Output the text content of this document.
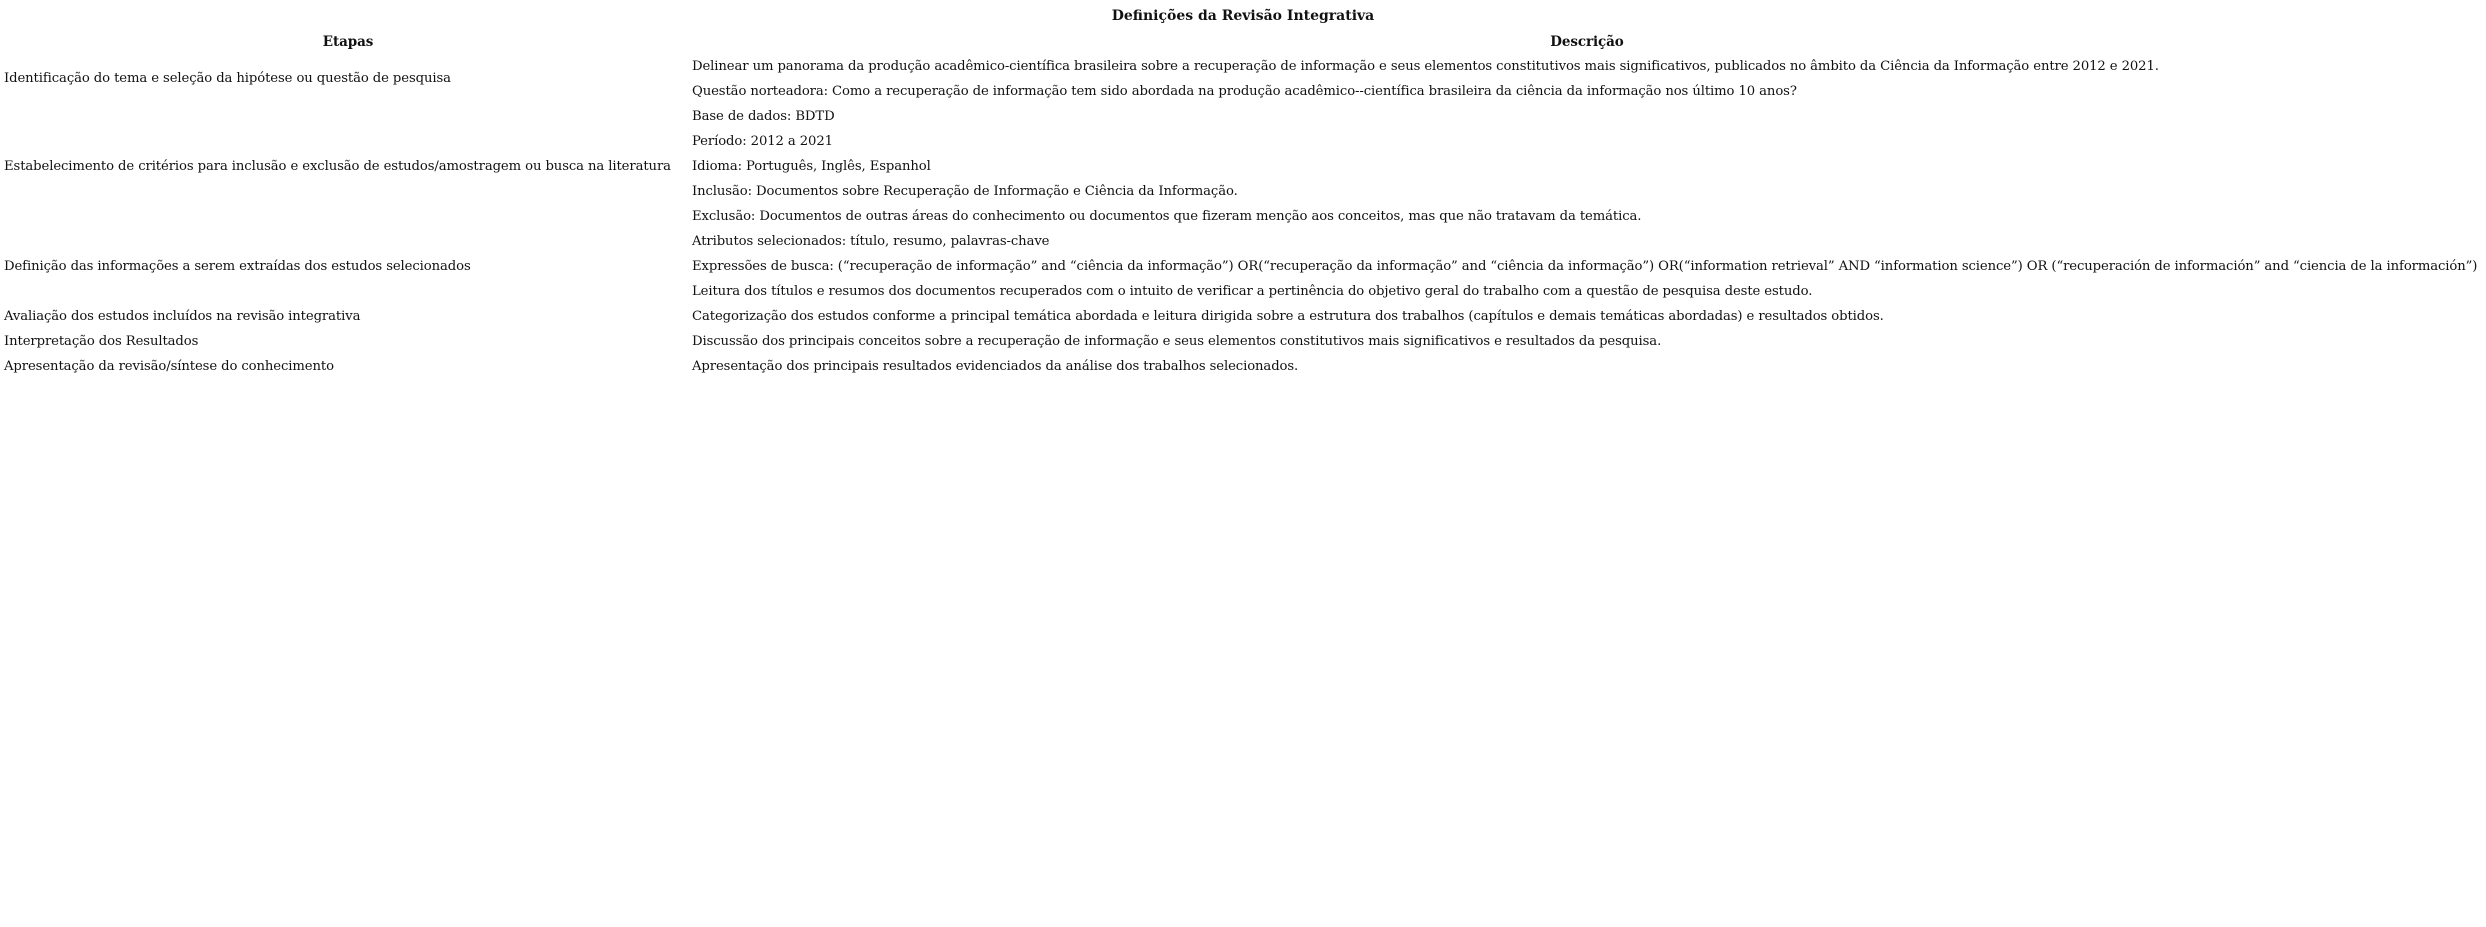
Definições da Revisão Integrativa
Etapas	Descrição
Identificação do tema e seleção da hipótese ou questão de pesquisa	Delinear um panorama da produção acadêmico-científica brasileira sobre a recuperação de informação e seus elementos constitutivos mais significativos, publicados no âmbito da Ciência da Informação entre 2012 e 2021.
	Questão norteadora: Como a recuperação de informação tem sido abordada na produção acadêmico--científica brasileira da ciência da informação nos último 10 anos?
	Base de dados: BDTD
	Período: 2012 a 2021
Estabelecimento de critérios para inclusão e exclusão de estudos/amostragem ou busca na literatura	Idioma: Português, Inglês, Espanhol
	Inclusão: Documentos sobre Recuperação de Informação e Ciência da Informação.
	Exclusão: Documentos de outras áreas do conhecimento ou documentos que fizeram menção aos conceitos, mas que não tratavam da temática.
	Atributos selecionados: título, resumo, palavras-chave
Definição das informações a serem extraídas dos estudos selecionados	Expressões de busca: (“recuperação de informação” and “ciência da informação”) OR(“recuperação da informação” and “ciência da informação”) OR(“information retrieval” AND “information science”) OR (“recuperación de información” and “ciencia de la información”)
	Leitura dos títulos e resumos dos documentos recuperados com o intuito de verificar a pertinência do objetivo geral do trabalho com a questão de pesquisa deste estudo.
Avaliação dos estudos incluídos na revisão integrativa	Categorização dos estudos conforme a principal temática abordada e leitura dirigida sobre a estrutura dos trabalhos (capítulos e demais temáticas abordadas) e resultados obtidos.
Interpretação dos Resultados	Discussão dos principais conceitos sobre a recuperação de informação e seus elementos constitutivos mais significativos e resultados da pesquisa.
Apresentação da revisão/síntese do conhecimento	Apresentação dos principais resultados evidenciados da análise dos trabalhos selecionados.
